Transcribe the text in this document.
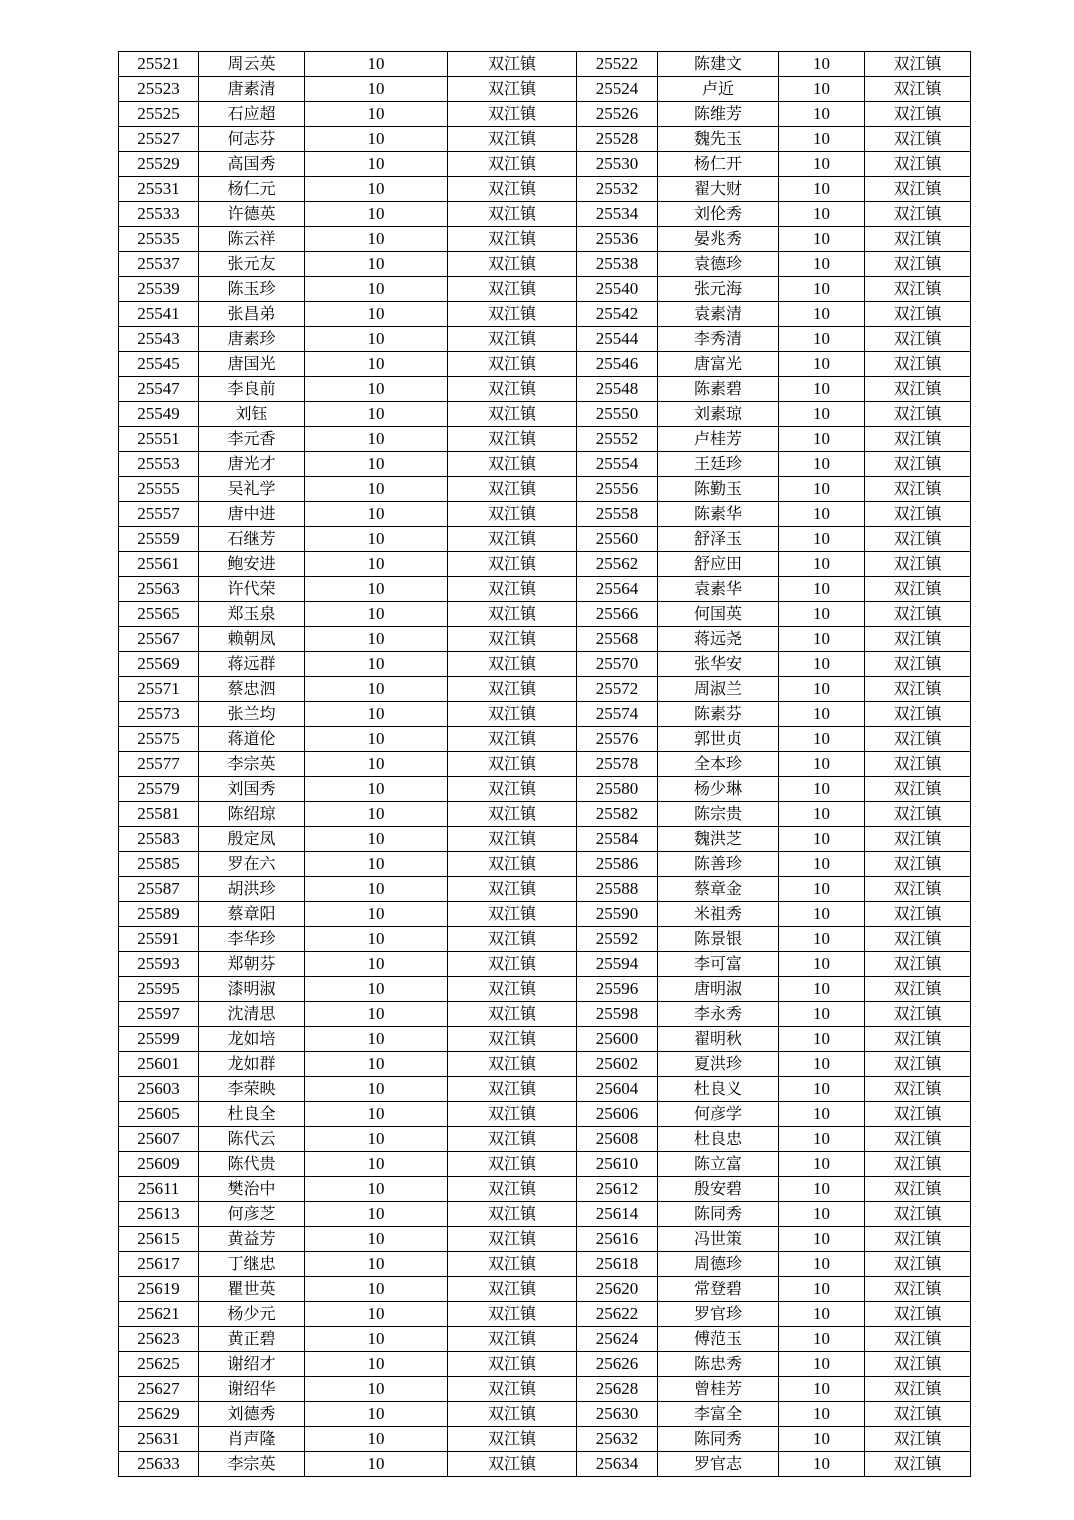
25521	周云英	10	双江镇	25522	陈建文	10	双江镇
25523	唐素清	10	双江镇	25524	卢近	10	双江镇
25525	石应超	10	双江镇	25526	陈维芳	10	双江镇
25527	何志芬	10	双江镇	25528	魏先玉	10	双江镇
25529	高国秀	10	双江镇	25530	杨仁开	10	双江镇
25531	杨仁元	10	双江镇	25532	翟大财	10	双江镇
25533	许德英	10	双江镇	25534	刘伦秀	10	双江镇
25535	陈云祥	10	双江镇	25536	晏兆秀	10	双江镇
25537	张元友	10	双江镇	25538	袁德珍	10	双江镇
25539	陈玉珍	10	双江镇	25540	张元海	10	双江镇
25541	张昌弟	10	双江镇	25542	袁素清	10	双江镇
25543	唐素珍	10	双江镇	25544	李秀清	10	双江镇
25545	唐国光	10	双江镇	25546	唐富光	10	双江镇
25547	李良前	10	双江镇	25548	陈素碧	10	双江镇
25549	刘钰	10	双江镇	25550	刘素琼	10	双江镇
25551	李元香	10	双江镇	25552	卢桂芳	10	双江镇
25553	唐光才	10	双江镇	25554	王廷珍	10	双江镇
25555	吴礼学	10	双江镇	25556	陈勤玉	10	双江镇
25557	唐中进	10	双江镇	25558	陈素华	10	双江镇
25559	石继芳	10	双江镇	25560	舒泽玉	10	双江镇
25561	鲍安进	10	双江镇	25562	舒应田	10	双江镇
25563	许代荣	10	双江镇	25564	袁素华	10	双江镇
25565	郑玉泉	10	双江镇	25566	何国英	10	双江镇
25567	赖朝凤	10	双江镇	25568	蒋远尧	10	双江镇
25569	蒋远群	10	双江镇	25570	张华安	10	双江镇
25571	蔡忠泗	10	双江镇	25572	周淑兰	10	双江镇
25573	张兰均	10	双江镇	25574	陈素芬	10	双江镇
25575	蒋道伦	10	双江镇	25576	郭世贞	10	双江镇
25577	李宗英	10	双江镇	25578	全本珍	10	双江镇
25579	刘国秀	10	双江镇	25580	杨少琳	10	双江镇
25581	陈绍琼	10	双江镇	25582	陈宗贵	10	双江镇
25583	殷定凤	10	双江镇	25584	魏洪芝	10	双江镇
25585	罗在六	10	双江镇	25586	陈善珍	10	双江镇
25587	胡洪珍	10	双江镇	25588	蔡章金	10	双江镇
25589	蔡章阳	10	双江镇	25590	米祖秀	10	双江镇
25591	李华珍	10	双江镇	25592	陈景银	10	双江镇
25593	郑朝芬	10	双江镇	25594	李可富	10	双江镇
25595	漆明淑	10	双江镇	25596	唐明淑	10	双江镇
25597	沈清思	10	双江镇	25598	李永秀	10	双江镇
25599	龙如培	10	双江镇	25600	翟明秋	10	双江镇
25601	龙如群	10	双江镇	25602	夏洪珍	10	双江镇
25603	李荣映	10	双江镇	25604	杜良义	10	双江镇
25605	杜良全	10	双江镇	25606	何彦学	10	双江镇
25607	陈代云	10	双江镇	25608	杜良忠	10	双江镇
25609	陈代贵	10	双江镇	25610	陈立富	10	双江镇
25611	樊治中	10	双江镇	25612	殷安碧	10	双江镇
25613	何彦芝	10	双江镇	25614	陈同秀	10	双江镇
25615	黄益芳	10	双江镇	25616	冯世策	10	双江镇
25617	丁继忠	10	双江镇	25618	周德珍	10	双江镇
25619	瞿世英	10	双江镇	25620	常登碧	10	双江镇
25621	杨少元	10	双江镇	25622	罗官珍	10	双江镇
25623	黄正碧	10	双江镇	25624	傅范玉	10	双江镇
25625	谢绍才	10	双江镇	25626	陈忠秀	10	双江镇
25627	谢绍华	10	双江镇	25628	曾桂芳	10	双江镇
25629	刘德秀	10	双江镇	25630	李富全	10	双江镇
25631	肖声隆	10	双江镇	25632	陈同秀	10	双江镇
25633	李宗英	10	双江镇	25634	罗官志	10	双江镇
